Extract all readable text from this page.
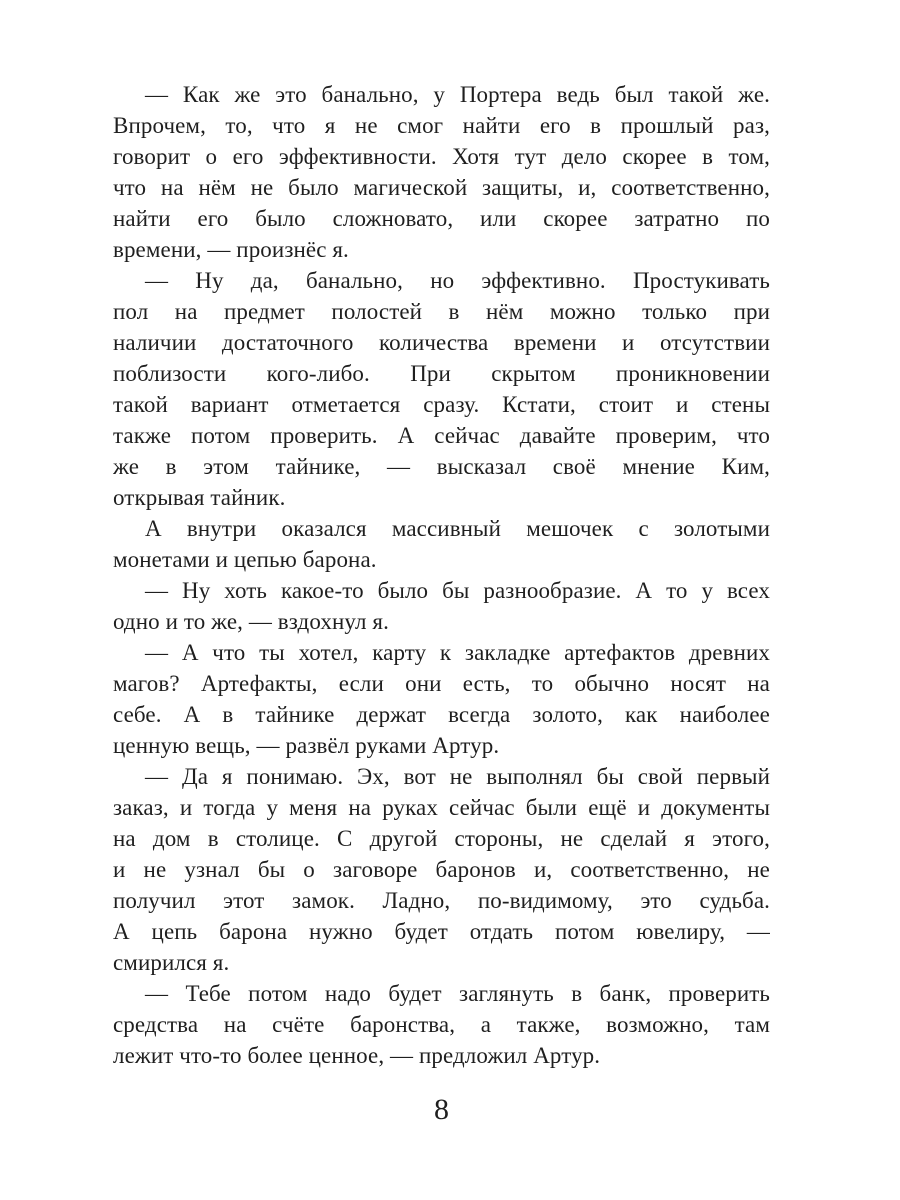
— Как же это банально, у Портера ведь был такой же.
Впрочем, то, что я не смог найти его в прошлый раз,
говорит о его эффективности. Хотя тут дело скорее в том,
что на нём не было магической защиты, и, соответственно,
найти его было сложновато, или скорее затратно по
времени, — произнёс я.
— Ну да, банально, но эффективно. Простукивать
пол на предмет полостей в нём можно только при
наличии достаточного количества времени и отсутствии
поблизости кого-либо. При скрытом проникновении
такой вариант отметается сразу. Кстати, стоит и стены
также потом проверить. А сейчас давайте проверим, что
же в этом тайнике, — высказал своё мнение Ким,
открывая тайник.
А внутри оказался массивный мешочек с золотыми
монетами и цепью барона.
— Ну хоть какое-то было бы разнообразие. А то у всех
одно и то же, — вздохнул я.
— А что ты хотел, карту к закладке артефактов древних
магов? Артефакты, если они есть, то обычно носят на
себе. А в тайнике держат всегда золото, как наиболее
ценную вещь, — развёл руками Артур.
— Да я понимаю. Эх, вот не выполнял бы свой первый
заказ, и тогда у меня на руках сейчас были ещё и документы
на дом в столице. С другой стороны, не сделай я этого,
и не узнал бы о заговоре баронов и, соответственно, не
получил этот замок. Ладно, по-видимому, это судьба.
А цепь барона нужно будет отдать потом ювелиру, —
смирился я.
— Тебе потом надо будет заглянуть в банк, проверить
средства на счёте баронства, а также, возможно, там
лежит что-то более ценное, — предложил Артур.
8
